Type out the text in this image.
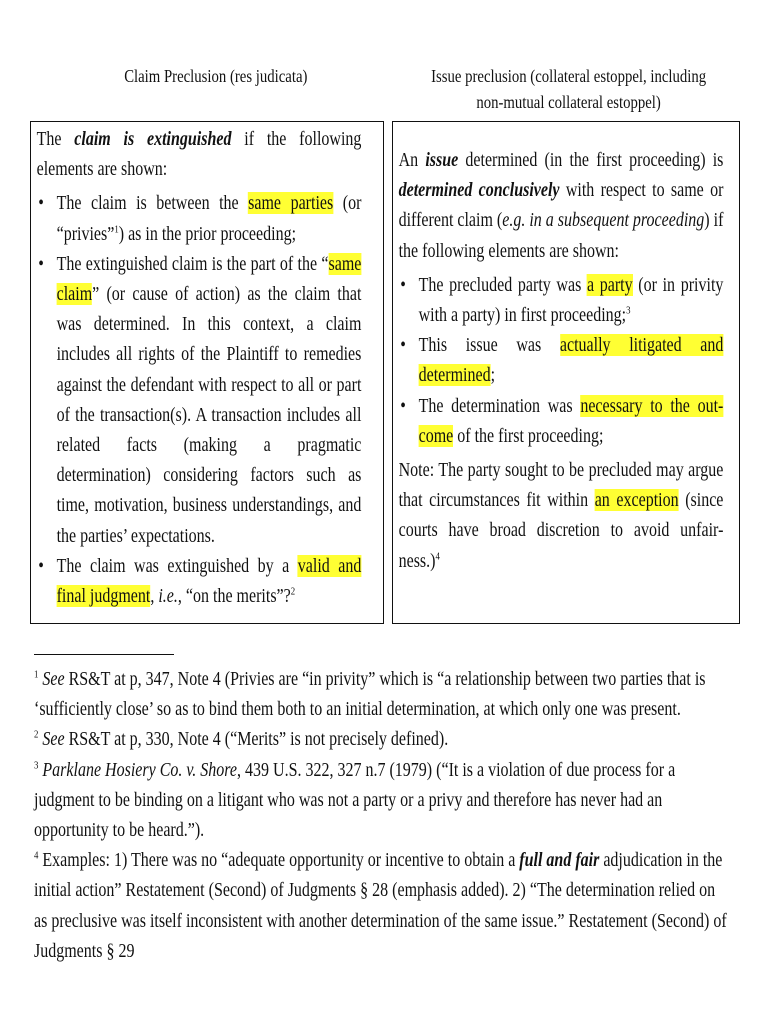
Claim Preclusion (res judicata)	Issue preclusion (collateral estoppel, including
non-mutual collateral estoppel)

The claim is extinguished if the following elements are shown:

• The claim is between the same parties (or “privies”$^1$) as in the prior proceeding;
• The extinguished claim is the part of the “same claim” (or cause of action) as the claim that was determined. In this context, a claim includes all rights of the Plaintiff to remedies against the defendant with respect to all or part of the transaction(s). A transaction includes all related facts (making a pragmatic determination) considering factors such as time, motivation, business understandings, and the parties’ expectations.
• The claim was extinguished by a valid and final judgment, i.e., “on the merits”?$^2$

An issue determined (in the first proceeding) is determined conclusively with respect to same or different claim (e.g. in a subsequent proceeding) if the following elements are shown:

• The precluded party was a party (or in privity with a party) in first proceeding;$^3$
• This issue was actually litigated and determined;
• The determination was necessary to the out-come of the first proceeding;

Note: The party sought to be precluded may argue that circumstances fit within an exception (since courts have broad discretion to avoid unfair-ness.)$^4$

$^1$ See RS&T at p, 347, Note 4 (Privies are “in privity” which is “a relationship between two parties that is ‘sufficiently close’ so as to bind them both to an initial determination, at which only one was present.

$^2$ See RS&T at p, 330, Note 4 (“Merits” is not precisely defined).

$^3$ Parklane Hosiery Co. v. Shore, 439 U.S. 322, 327 n.7 (1979) (“It is a violation of due process for a judgment to be binding on a litigant who was not a party or a privy and therefore has never had an opportunity to be heard.”).

$^4$ Examples: 1) There was no “adequate opportunity or incentive to obtain a full and fair adjudication in the initial action” Restatement (Second) of Judgments § 28 (emphasis added). 2) “The determination relied on as preclusive was itself inconsistent with another determination of the same issue.” Restatement (Second) of Judgments § 29
